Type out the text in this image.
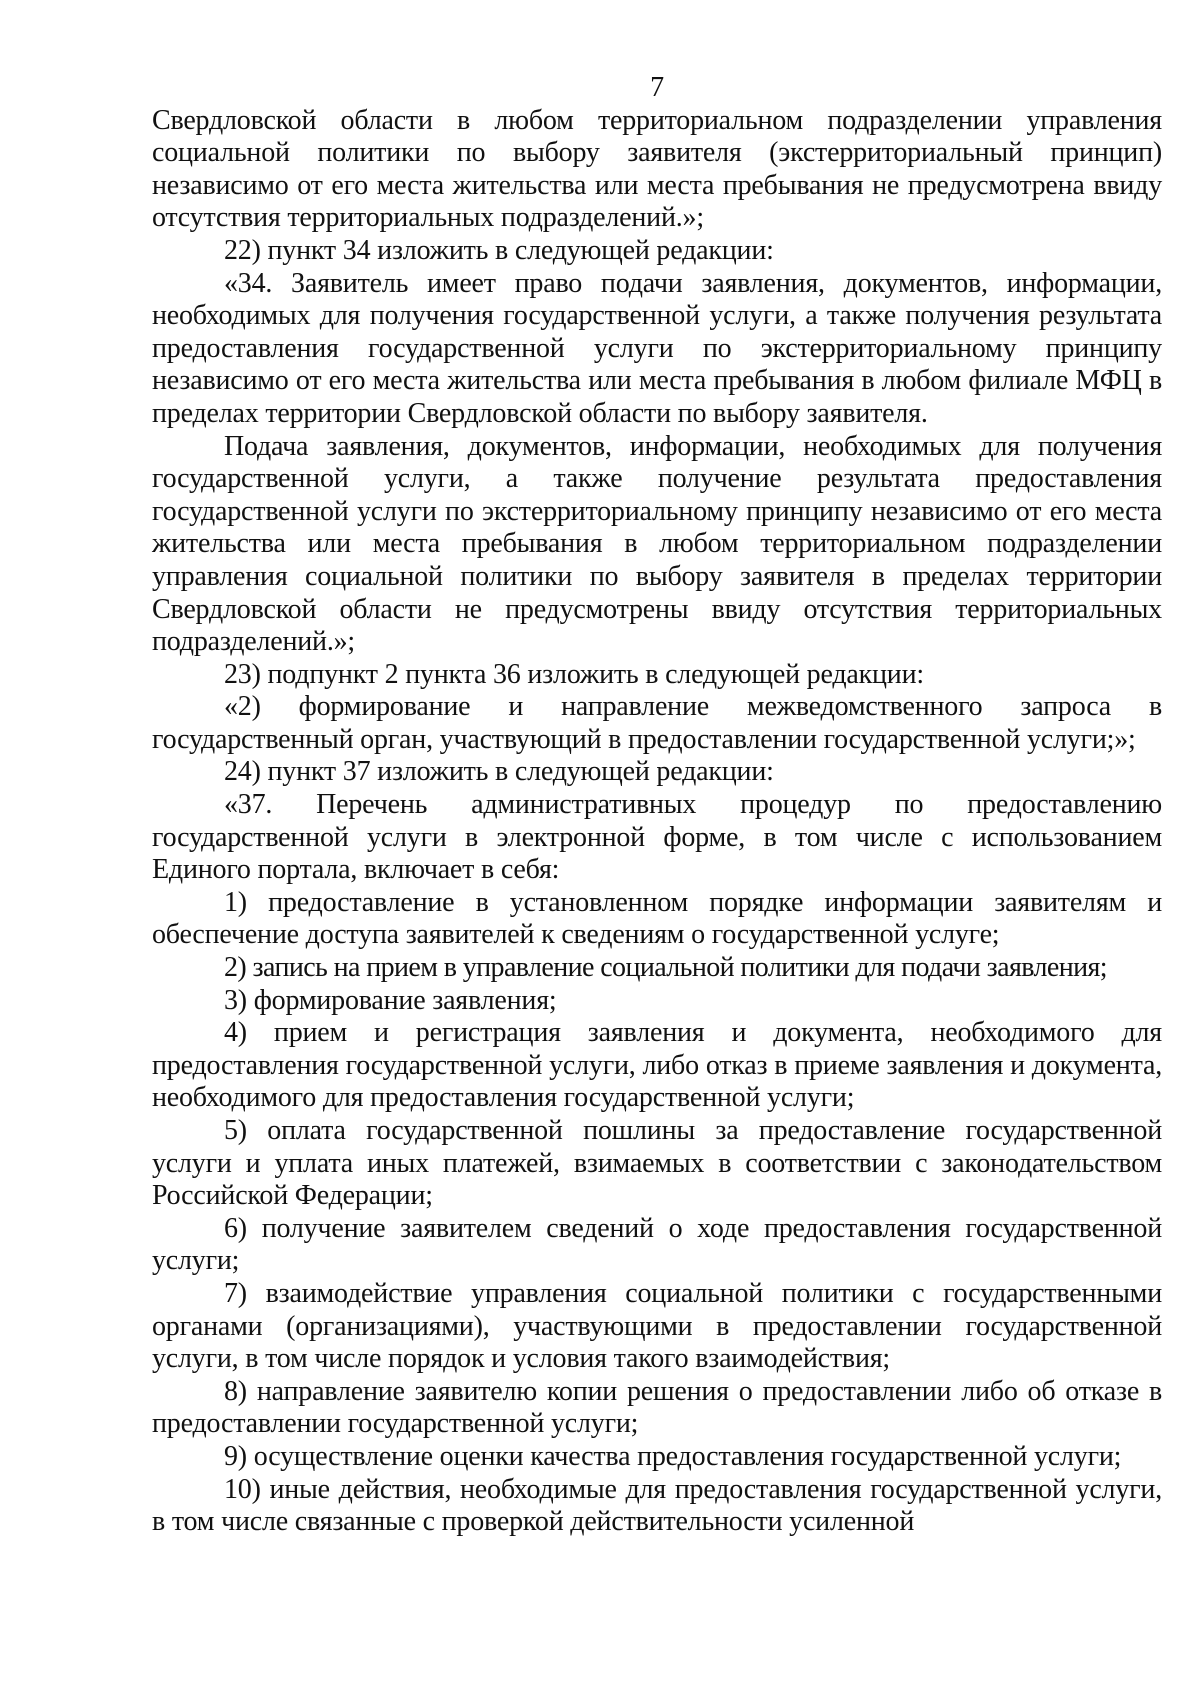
7

Свердловской области в любом территориальном подразделении управления социальной политики по выбору заявителя (экстерриториальный принцип) независимо от его места жительства или места пребывания не предусмотрена ввиду отсутствия территориальных подразделений.»;

22) пункт 34 изложить в следующей редакции:

«34. Заявитель имеет право подачи заявления, документов, информации, необходимых для получения государственной услуги, а также получения результата предоставления государственной услуги по экстерриториальному принципу независимо от его места жительства или места пребывания в любом филиале МФЦ в пределах территории Свердловской области по выбору заявителя.

Подача заявления, документов, информации, необходимых для получения государственной услуги, а также получение результата предоставления государственной услуги по экстерриториальному принципу независимо от его места жительства или места пребывания в любом территориальном подразделении управления социальной политики по выбору заявителя в пределах территории Свердловской области не предусмотрены ввиду отсутствия территориальных подразделений.»;

23) подпункт 2 пункта 36 изложить в следующей редакции:

«2) формирование и направление межведомственного запроса в государственный орган, участвующий в предоставлении государственной услуги;»;

24) пункт 37 изложить в следующей редакции:

«37. Перечень административных процедур по предоставлению государственной услуги в электронной форме, в том числе с использованием Единого портала, включает в себя:

1) предоставление в установленном порядке информации заявителям и обеспечение доступа заявителей к сведениям о государственной услуге;

2) запись на прием в управление социальной политики для подачи заявления;

3) формирование заявления;

4) прием и регистрация заявления и документа, необходимого для предоставления государственной услуги, либо отказ в приеме заявления и документа, необходимого для предоставления государственной услуги;

5) оплата государственной пошлины за предоставление государственной услуги и уплата иных платежей, взимаемых в соответствии с законодательством Российской Федерации;

6) получение заявителем сведений о ходе предоставления государственной услуги;

7) взаимодействие управления социальной политики с государственными органами (организациями), участвующими в предоставлении государственной услуги, в том числе порядок и условия такого взаимодействия;

8) направление заявителю копии решения о предоставлении либо об отказе в предоставлении государственной услуги;

9) осуществление оценки качества предоставления государственной услуги;

10) иные действия, необходимые для предоставления государственной услуги, в том числе связанные с проверкой действительности усиленной
